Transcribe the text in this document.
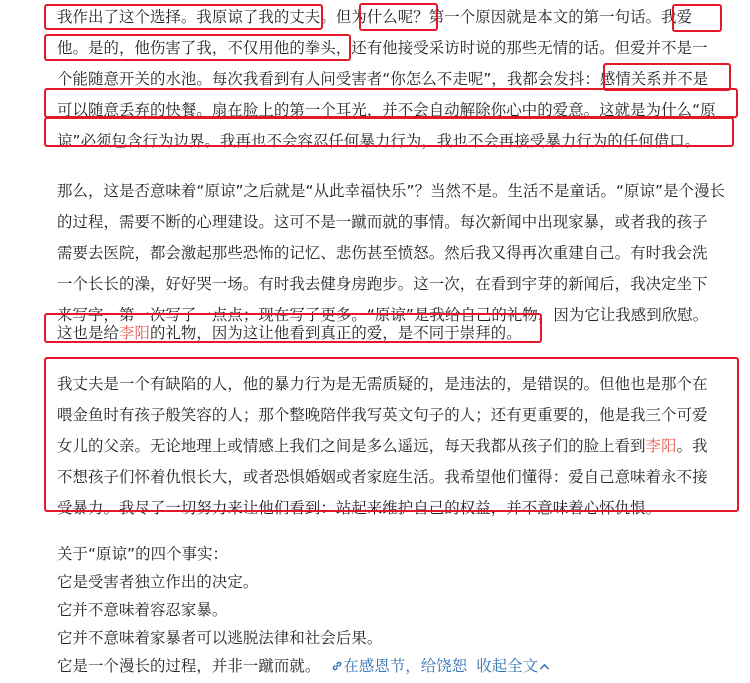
我作出了这个选择。我原谅了我的丈夫。但为什么呢？第一个原因就是本文的第一句话。我爱
他。是的，他伤害了我，不仅用他的拳头，还有他接受采访时说的那些无情的话。但爱并不是一
个能随意开关的水池。每次我看到有人问受害者“你怎么不走呢”，我都会发抖：感情关系并不是
可以随意丢弃的快餐。扇在脸上的第一个耳光，并不会自动解除你心中的爱意。这就是为什么“原
谅”必须包含行为边界。我再也不会容忍任何暴力行为，我也不会再接受暴力行为的任何借口。
那么，这是否意味着“原谅”之后就是“从此幸福快乐”？当然不是。生活不是童话。“原谅”是个漫长
的过程，需要不断的心理建设。这可不是一蹴而就的事情。每次新闻中出现家暴，或者我的孩子
需要去医院，都会激起那些恐怖的记忆、悲伤甚至愤怒。然后我又得再次重建自己。有时我会洗
一个长长的澡，好好哭一场。有时我去健身房跑步。这一次，在看到宇芽的新闻后，我决定坐下
来写字，第一次写了一点点；现在写了更多。“原谅”是我给自己的礼物，因为它让我感到欣慰。
这也是给李阳的礼物，因为这让他看到真正的爱，是不同于崇拜的。
我丈夫是一个有缺陷的人，他的暴力行为是无需质疑的，是违法的，是错误的。但他也是那个在
喂金鱼时有孩子般笑容的人；那个整晚陪伴我写英文句子的人；还有更重要的，他是我三个可爱
女儿的父亲。无论地理上或情感上我们之间是多么遥远，每天我都从孩子们的脸上看到李阳。我
不想孩子们怀着仇恨长大，或者恐惧婚姻或者家庭生活。我希望他们懂得：爱自己意味着永不接
受暴力。我尽了一切努力来让他们看到：站起来维护自己的权益，并不意味着心怀仇恨。
关于“原谅”的四个事实：
它是受害者独立作出的决定。
它并不意味着容忍家暴。
它并不意味着家暴者可以逃脱法律和社会后果。
它是一个漫长的过程，并非一蹴而就。 在感恩节，给饶恕 收起全文
